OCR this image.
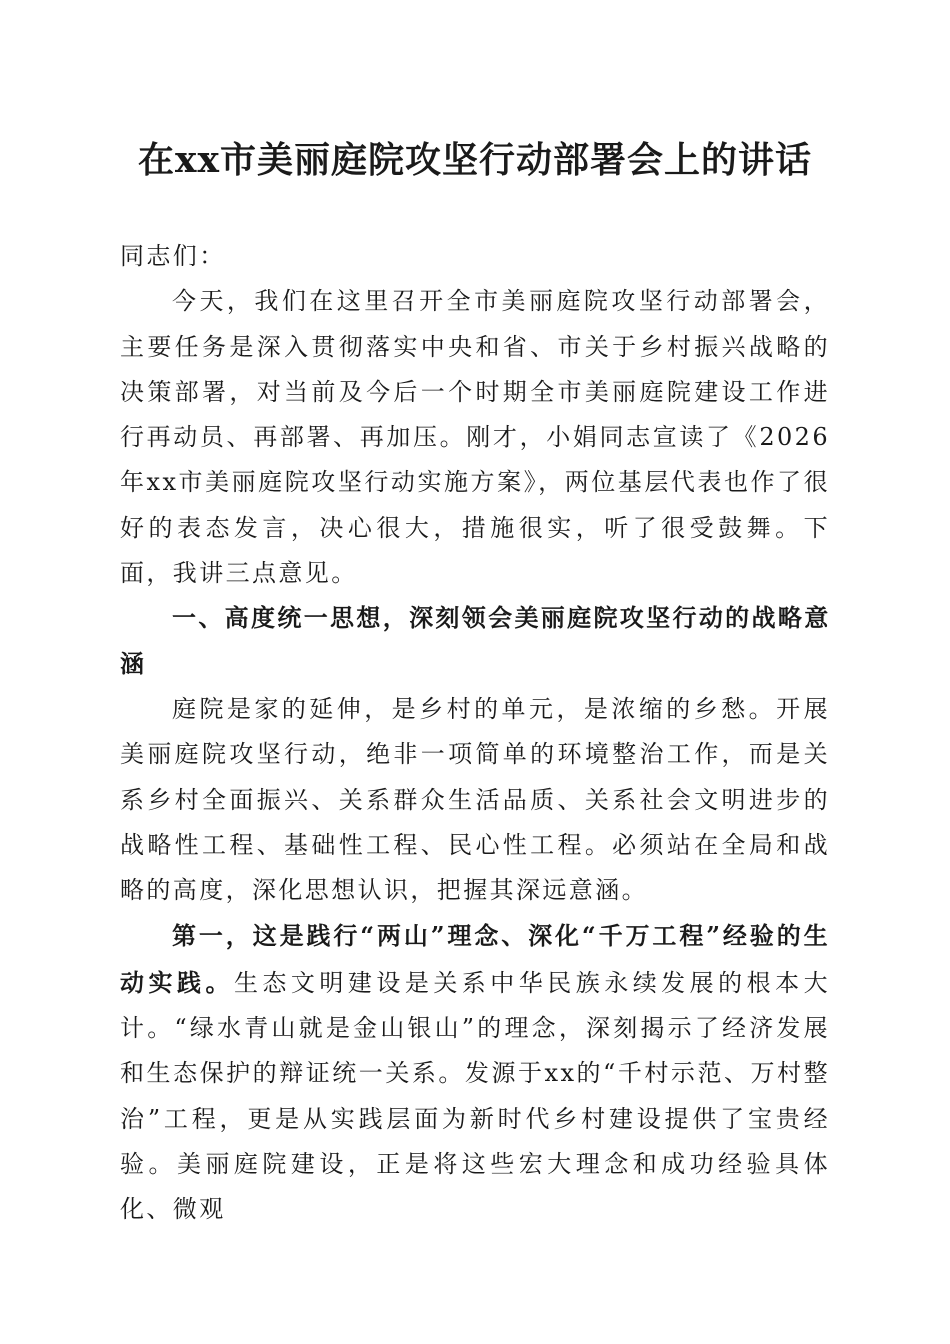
在xx市美丽庭院攻坚行动部署会上的讲话

同志们：

今天，我们在这里召开全市美丽庭院攻坚行动部署会，主要任务是深入贯彻落实中央和省、市关于乡村振兴战略的决策部署，对当前及今后一个时期全市美丽庭院建设工作进行再动员、再部署、再加压。刚才，小娟同志宣读了《2026年xx市美丽庭院攻坚行动实施方案》，两位基层代表也作了很好的表态发言，决心很大，措施很实，听了很受鼓舞。下面，我讲三点意见。

一、高度统一思想，深刻领会美丽庭院攻坚行动的战略意涵

庭院是家的延伸，是乡村的单元，是浓缩的乡愁。开展美丽庭院攻坚行动，绝非一项简单的环境整治工作，而是关系乡村全面振兴、关系群众生活品质、关系社会文明进步的战略性工程、基础性工程、民心性工程。必须站在全局和战略的高度，深化思想认识，把握其深远意涵。

第一，这是践行“两山”理念、深化“千万工程”经验的生动实践。生态文明建设是关系中华民族永续发展的根本大计。“绿水青山就是金山银山”的理念，深刻揭示了经济发展和生态保护的辩证统一关系。发源于xx的“千村示范、万村整治”工程，更是从实践层面为新时代乡村建设提供了宝贵经验。美丽庭院建设，正是将这些宏大理念和成功经验具体化、微观
